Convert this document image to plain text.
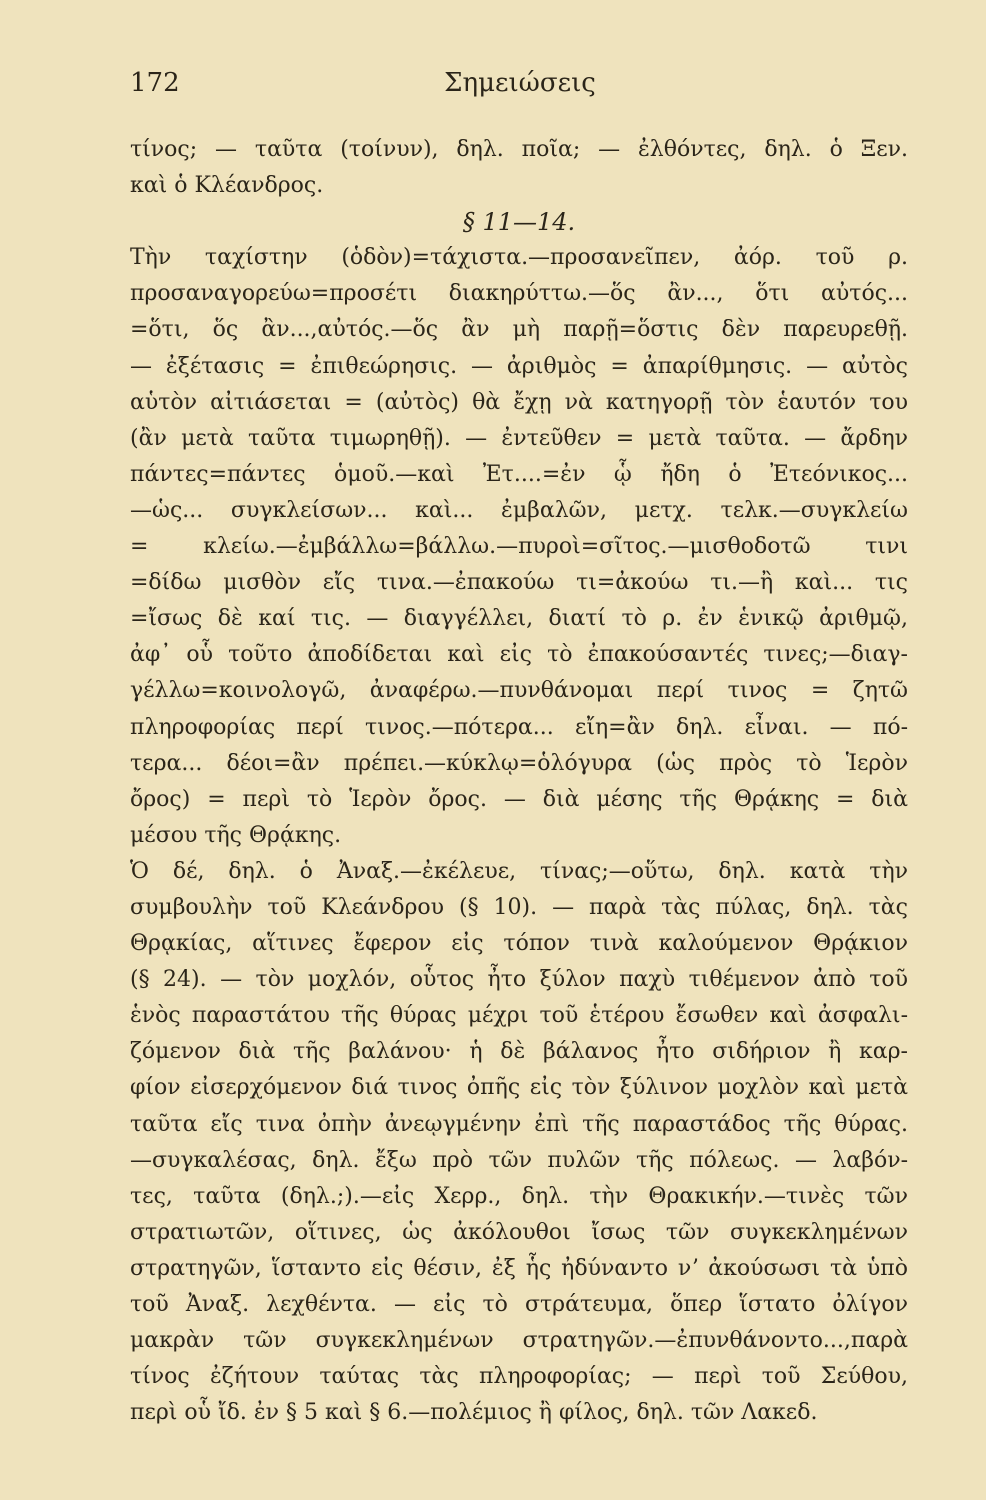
Σημειώσεις
172
τίνος; — ταῦτα (τοίνυν), δηλ. ποῖα; — ἐλθόντες, δηλ. ὁ Ξεν.
καὶ ὁ Κλέανδρος.
§ 11—14.
Τὴν ταχίστην (ὁδὸν)=τάχιστα.—προσανεῖπεν, ἀόρ. τοῦ ρ.
προσαναγορεύω=προσέτι διακηρύττω.—ὅς ἂν..., ὅτι αὐτός...
=ὅτι, ὅς ἂν...,αὐτός.—ὅς ἂν μὴ παρῇ=ὅστις δὲν παρευρεθῇ.
— ἐξέτασις = ἐπιθεώρησις. — ἀριθμὸς = ἀπαρίθμησις. — αὐτὸς
αὑτὸν αἰτιάσεται = (αὐτὸς) θὰ ἔχῃ νὰ κατηγορῇ τὸν ἑαυτόν του
(ἂν μετὰ ταῦτα τιμωρηθῇ). — ἐντεῦθεν = μετὰ ταῦτα. — ἄρδην
πάντες=πάντες ὁμοῦ.—καὶ Ἐτ....=ἐν ᾧ ἤδη ὁ Ἐτεόνικος...
—ὡς... συγκλείσων... καὶ... ἐμβαλῶν, μετχ. τελκ.—συγκλείω
= κλείω.—ἐμβάλλω=βάλλω.—πυροὶ=σῖτος.—μισθοδοτῶ τινι
=δίδω μισθὸν εἴς τινα.—ἐπακούω τι=ἀκούω τι.—ἢ καὶ... τις
=ἴσως δὲ καί τις. — διαγγέλλει, διατί τὸ ρ. ἐν ἑνικῷ ἀριθμῷ,
ἀφ᾽ οὗ τοῦτο ἀποδίδεται καὶ εἰς τὸ ἐπακούσαντές τινες;—διαγ-
γέλλω=κοινολογῶ, ἀναφέρω.—πυνθάνομαι περί τινος = ζητῶ
πληροφορίας περί τινος.—πότερα... εἴη=ἂν δηλ. εἶναι. — πό-
τερα... δέοι=ἂν πρέπει.—κύκλῳ=ὁλόγυρα (ὡς πρὸς τὸ Ἱερὸν
ὄρος) = περὶ τὸ Ἱερὸν ὄρος. — διὰ μέσης τῆς Θρᾴκης = διὰ
μέσου τῆς Θρᾴκης.
Ὁ δέ, δηλ. ὁ Ἀναξ.—ἐκέλευε, τίνας;—οὕτω, δηλ. κατὰ τὴν
συμβουλὴν τοῦ Κλεάνδρου (§ 10). — παρὰ τὰς πύλας, δηλ. τὰς
Θρᾳκίας, αἵτινες ἔφερον εἰς τόπον τινὰ καλούμενον Θρᾴκιον
(§ 24). — τὸν μοχλόν, οὗτος ἦτο ξύλον παχὺ τιθέμενον ἀπὸ τοῦ
ἑνὸς παραστάτου τῆς θύρας μέχρι τοῦ ἑτέρου ἔσωθεν καὶ ἀσφαλι-
ζόμενον διὰ τῆς βαλάνου· ἡ δὲ βάλανος ἦτο σιδήριον ἢ καρ-
φίον εἰσερχόμενον διά τινος ὀπῆς εἰς τὸν ξύλινον μοχλὸν καὶ μετὰ
ταῦτα εἴς τινα ὀπὴν ἀνεῳγμένην ἐπὶ τῆς παραστάδος τῆς θύρας.
—συγκαλέσας, δηλ. ἔξω πρὸ τῶν πυλῶν τῆς πόλεως. — λαβόν-
τες, ταῦτα (δηλ.;).—εἰς Χερρ., δηλ. τὴν Θρακικήν.—τινὲς τῶν
στρατιωτῶν, οἵτινες, ὡς ἀκόλουθοι ἴσως τῶν συγκεκλημένων
στρατηγῶν, ἵσταντο εἰς θέσιν, ἐξ ἧς ἠδύναντο νʼ ἀκούσωσι τὰ ὑπὸ
τοῦ Ἀναξ. λεχθέντα. — εἰς τὸ στράτευμα, ὅπερ ἵστατο ὀλίγον
μακρὰν τῶν συγκεκλημένων στρατηγῶν.—ἐπυνθάνοντο...,παρὰ
τίνος ἐζήτουν ταύτας τὰς πληροφορίας; — περὶ τοῦ Σεύθου,
περὶ οὗ ἴδ. ἐν § 5 καὶ § 6.—πολέμιος ἢ φίλος, δηλ. τῶν Λακεδ.
